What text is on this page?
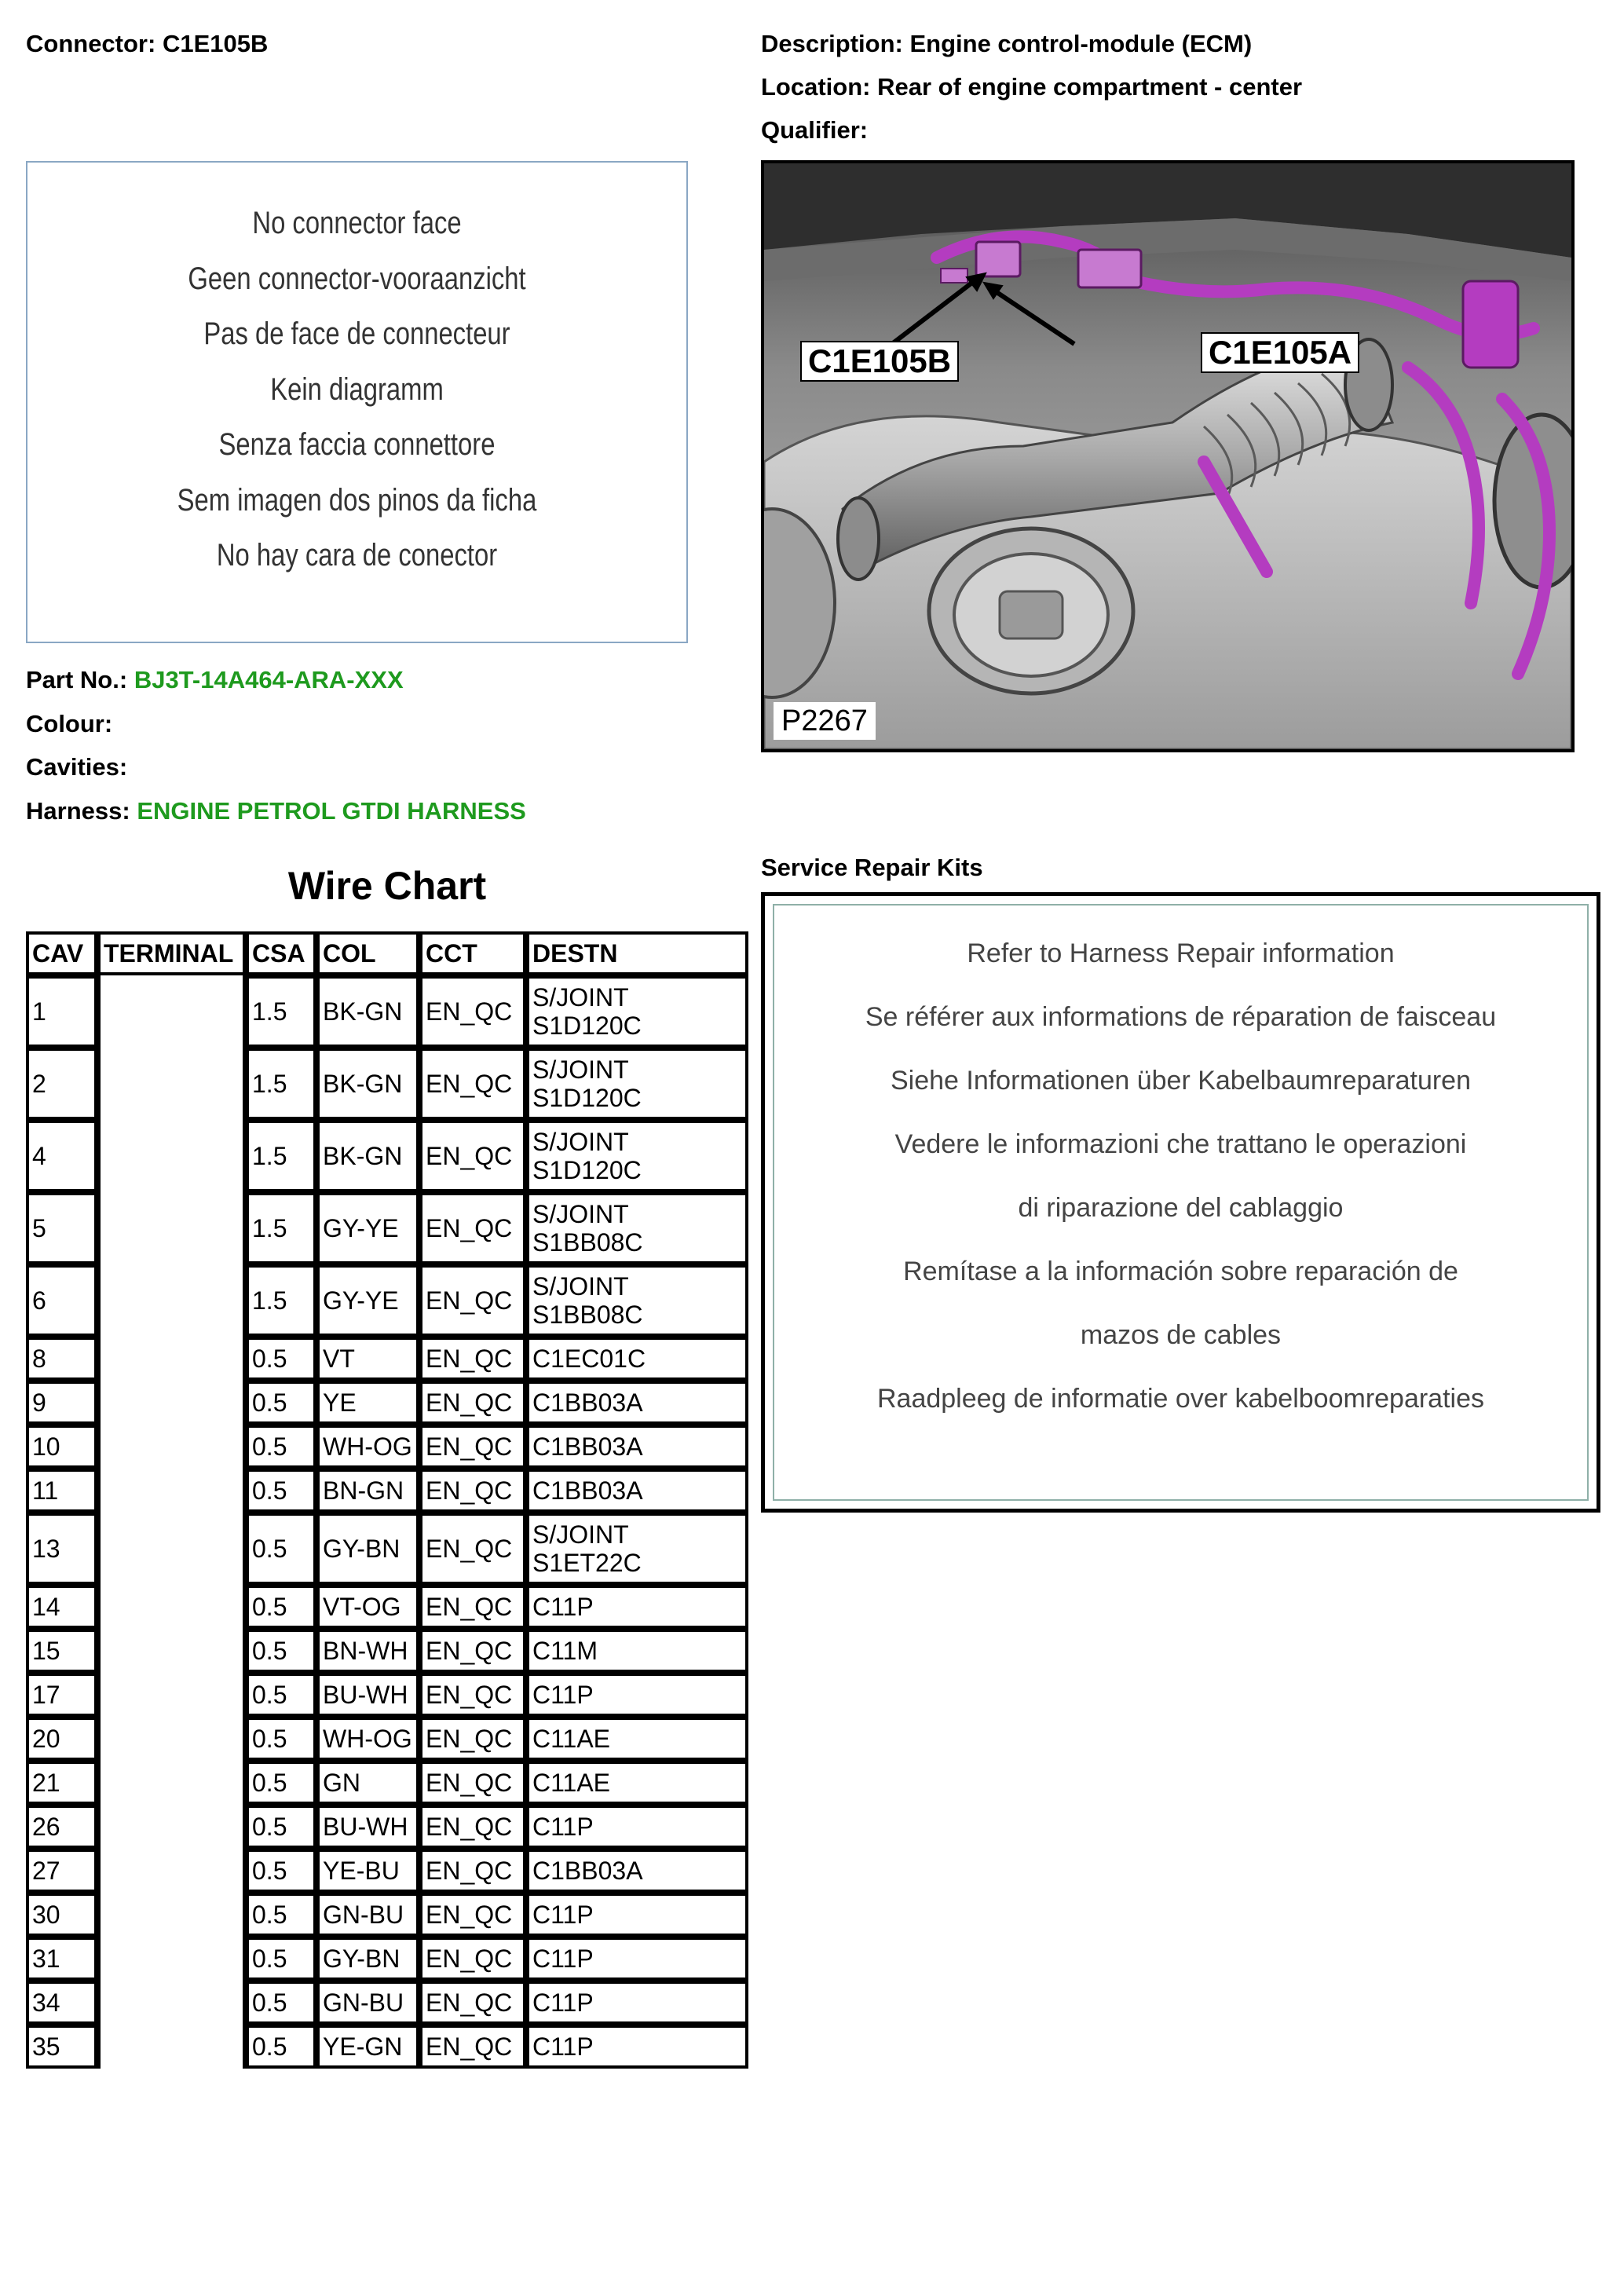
Connector: C1E105B	Description: Engine control-module (ECM)
Location: Rear of engine compartment - center
Qualifier:
No connector face
Geen connector-vooraanzicht
Pas de face de connecteur
Kein diagramm
Senza faccia connettore
Sem imagen dos pinos da ficha
No hay cara de conector
Part No.: BJ3T-14A464-ARA-XXX
Colour:
Cavities:
Harness: ENGINE PETROL GTDI HARNESS
C1E105B	C1E105A
P2267
Wire Chart
CAV	TERMINAL	CSA	COL	CCT	DESTN
1		1.5	BK-GN	EN_QC	S/JOINT S1D120C
2		1.5	BK-GN	EN_QC	S/JOINT S1D120C
4		1.5	BK-GN	EN_QC	S/JOINT S1D120C
5		1.5	GY-YE	EN_QC	S/JOINT S1BB08C
6		1.5	GY-YE	EN_QC	S/JOINT S1BB08C
8		0.5	VT	EN_QC	C1EC01C
9		0.5	YE	EN_QC	C1BB03A
10		0.5	WH-OG	EN_QC	C1BB03A
11		0.5	BN-GN	EN_QC	C1BB03A
13		0.5	GY-BN	EN_QC	S/JOINT S1ET22C
14		0.5	VT-OG	EN_QC	C11P
15		0.5	BN-WH	EN_QC	C11M
17		0.5	BU-WH	EN_QC	C11P
20		0.5	WH-OG	EN_QC	C11AE
21		0.5	GN	EN_QC	C11AE
26		0.5	BU-WH	EN_QC	C11P
27		0.5	YE-BU	EN_QC	C1BB03A
30		0.5	GN-BU	EN_QC	C11P
31		0.5	GY-BN	EN_QC	C11P
34		0.5	GN-BU	EN_QC	C11P
35		0.5	YE-GN	EN_QC	C11P
Service Repair Kits
Refer to Harness Repair information
Se référer aux informations de réparation de faisceau
Siehe Informationen über Kabelbaumreparaturen
Vedere le informazioni che trattano le operazioni
di riparazione del cablaggio
Remítase a la información sobre reparación de
mazos de cables
Raadpleeg de informatie over kabelboomreparaties
